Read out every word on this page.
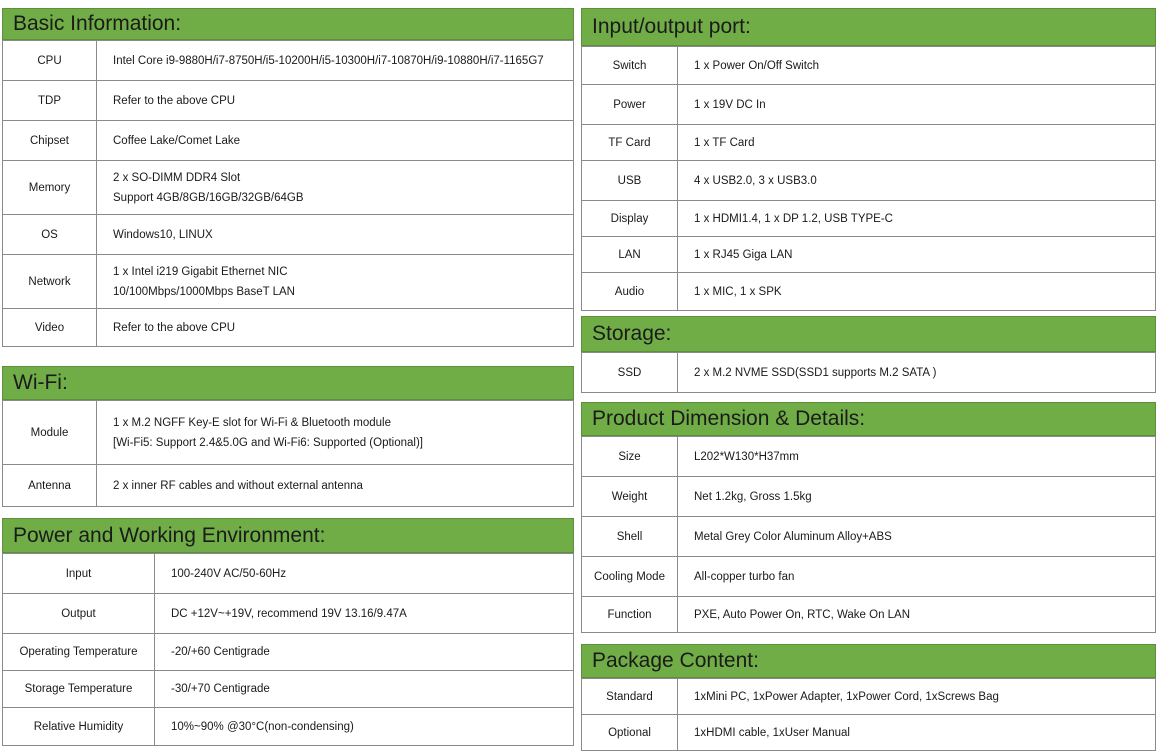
Basic Information:
CPU	Intel Core i9-9880H/i7-8750H/i5-10200H/i5-10300H/i7-10870H/i9-10880H/i7-1165G7

TDP	Refer to the above CPU

Chipset	Coffee Lake/Comet Lake

Memory	2 x SO-DIMM DDR4 Slot
Support 4GB/8GB/16GB/32GB/64GB

OS	Windows10, LINUX

Network	1 x Intel i219 Gigabit Ethernet NIC
10/100Mbps/1000Mbps BaseT LAN

Video	Refer to the above CPU
Wi-Fi:
Module	1 x M.2 NGFF Key-E slot for Wi-Fi & Bluetooth module
[Wi-Fi5: Support 2.4&5.0G and Wi-Fi6: Supported (Optional)]

Antenna	2 x inner RF cables and without external antenna
Power and Working Environment:
Input	100-240V AC/50-60Hz

Output	DC +12V~+19V, recommend 19V 13.16/9.47A

Operating Temperature	-20/+60 Centigrade

Storage Temperature	-30/+70 Centigrade

Relative Humidity	10%~90% @30°C(non-condensing)
Input/output port:
Switch	1 x Power On/Off Switch

Power	1 x 19V DC In

TF Card	1 x TF Card

USB	4 x USB2.0, 3 x USB3.0

Display	1 x HDMI1.4, 1 x DP 1.2, USB TYPE-C

LAN	1 x RJ45 Giga LAN

Audio	1 x MIC, 1 x SPK
Storage:
SSD	2 x M.2 NVME SSD(SSD1 supports M.2 SATA )
Product Dimension & Details:
Size	L202*W130*H37mm

Weight	Net 1.2kg, Gross 1.5kg

Shell	Metal Grey Color Aluminum Alloy+ABS

Cooling Mode	All-copper turbo fan

Function	PXE, Auto Power On, RTC, Wake On LAN
Package Content:
Standard	1xMini PC, 1xPower Adapter, 1xPower Cord, 1xScrews Bag

Optional	1xHDMI cable, 1xUser Manual
